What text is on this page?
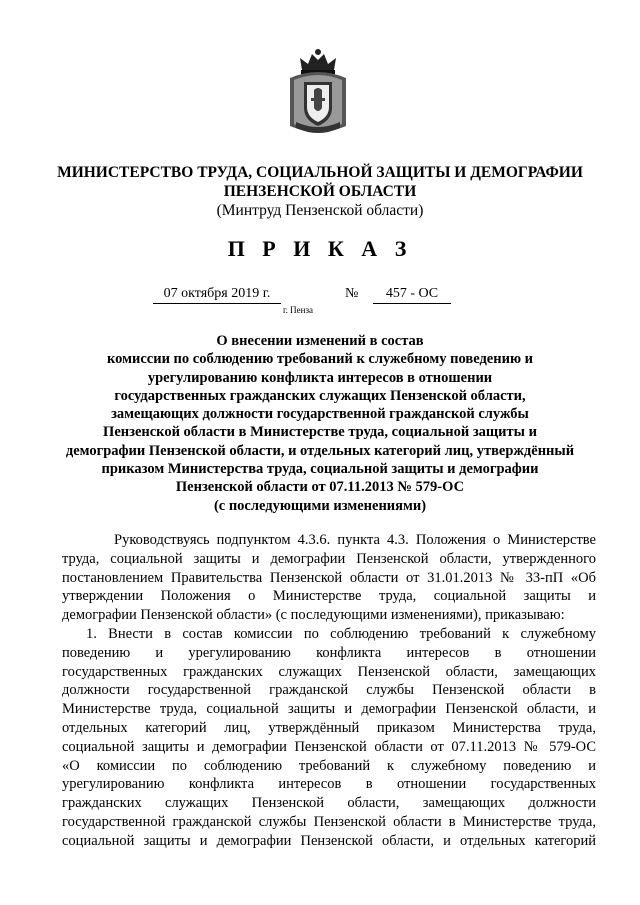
МИНИСТЕРСТВО ТРУДА, СОЦИАЛЬНОЙ ЗАЩИТЫ И ДЕМОГРАФИИ
ПЕНЗЕНСКОЙ ОБЛАСТИ
(Минтруд Пензенской области)
П Р И К А З
07 октября 2019 г.	№	457 - ОС
г. Пенза
О внесении изменений в состав
комиссии по соблюдению требований к служебному поведению и
урегулированию конфликта интересов в отношении
государственных гражданских служащих Пензенской области,
замещающих должности государственной гражданской службы
Пензенской области в Министерстве труда, социальной защиты и
демографии Пензенской области, и отдельных категорий лиц, утверждённый
приказом Министерства труда, социальной защиты и демографии
Пензенской области от 07.11.2013 № 579-ОС
(с последующими изменениями)
Руководствуясь подпунктом 4.3.6. пункта 4.3. Положения о Министерстве
труда, социальной защиты и демографии Пензенской области, утвержденного
постановлением Правительства Пензенской области от 31.01.2013 № 33-пП «Об
утверждении Положения о Министерстве труда, социальной защиты и
демографии Пензенской области» (с последующими изменениями), приказываю:
1. Внести в состав комиссии по соблюдению требований к служебному
поведению и урегулированию конфликта интересов в отношении
государственных гражданских служащих Пензенской области, замещающих
должности государственной гражданской службы Пензенской области в
Министерстве труда, социальной защиты и демографии Пензенской области, и
отдельных категорий лиц, утверждённый приказом Министерства труда,
социальной защиты и демографии Пензенской области от 07.11.2013 № 579-ОС
«О комиссии по соблюдению требований к служебному поведению и
урегулированию конфликта интересов в отношении государственных
гражданских служащих Пензенской области, замещающих должности
государственной гражданской службы Пензенской области в Министерстве труда,
социальной защиты и демографии Пензенской области, и отдельных категорий
